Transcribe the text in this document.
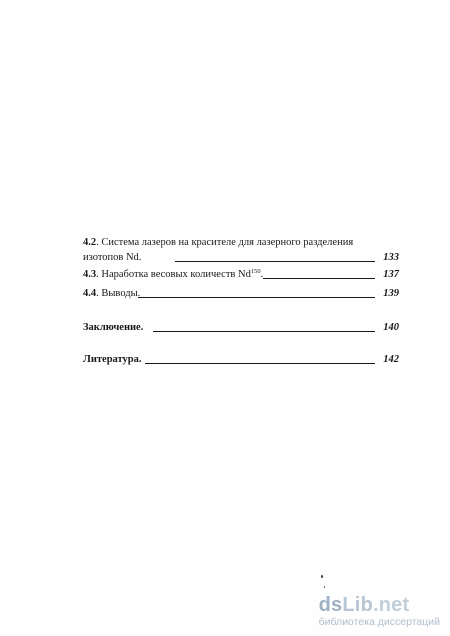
4.2. Система лазеров на красителе для лазерного разделения
изотопов Nd.	133
4.3. Наработка весовых количеств Nd$^{150}$.	137
4.4. Выводы.	139
Заключение.	140
Литература.	142
dsLib.net
библиотека диссертаций
